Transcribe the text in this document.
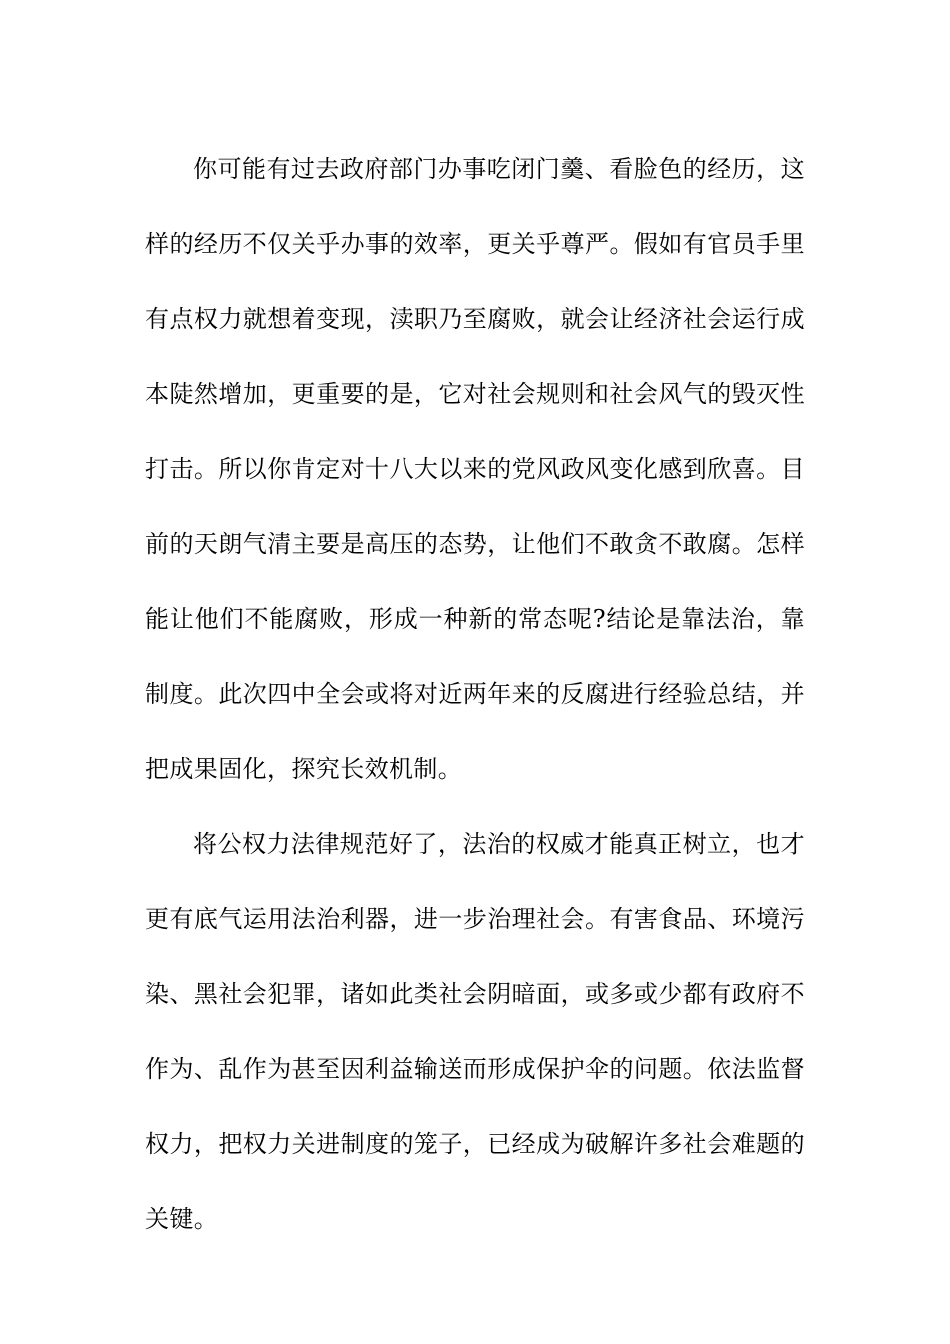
你可能有过去政府部门办事吃闭门羹、看脸色的经历，这样的经历不仅关乎办事的效率，更关乎尊严。假如有官员手里有点权力就想着变现，渎职乃至腐败，就会让经济社会运行成本陡然增加，更重要的是，它对社会规则和社会风气的毁灭性打击。所以你肯定对十八大以来的党风政风变化感到欣喜。目前的天朗气清主要是高压的态势，让他们不敢贪不敢腐。怎样能让他们不能腐败，形成一种新的常态呢?结论是靠法治，靠制度。此次四中全会或将对近两年来的反腐进行经验总结，并把成果固化，探究长效机制。

将公权力法律规范好了，法治的权威才能真正树立，也才更有底气运用法治利器，进一步治理社会。有害食品、环境污染、黑社会犯罪，诸如此类社会阴暗面，或多或少都有政府不作为、乱作为甚至因利益输送而形成保护伞的问题。依法监督权力，把权力关进制度的笼子，已经成为破解许多社会难题的关键。
